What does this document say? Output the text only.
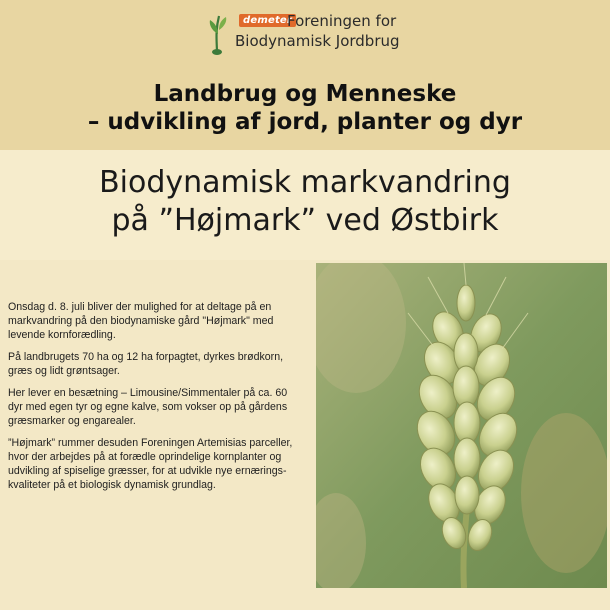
demeter
Foreningen for
Biodynamisk Jordbrug
Landbrug og Menneske
– udvikling af jord, planter og dyr
Biodynamisk markvandring
på ”Højmark” ved Østbirk

Onsdag d. 8. juli bliver der mulighed for at deltage på en markvandring på den biodynamiske gård "Højmark" med levende kornforædling.

På landbrugets 70 ha og 12 ha forpagtet, dyrkes brødkorn, græs og lidt grøntsager.

Her lever en besætning – Limousine/Simmentaler på ca. 60 dyr med egen tyr og egne kalve, som vokser op på gårdens græsmarker og engarealer.

”Højmark” rummer desuden Foreningen Artemisias parceller, hvor der arbejdes på at forædle oprindelige kornplanter og udvikling af spiselige græsser, for at udvikle nye ernærings-kvaliteter på et biologisk dynamisk grundlag.
